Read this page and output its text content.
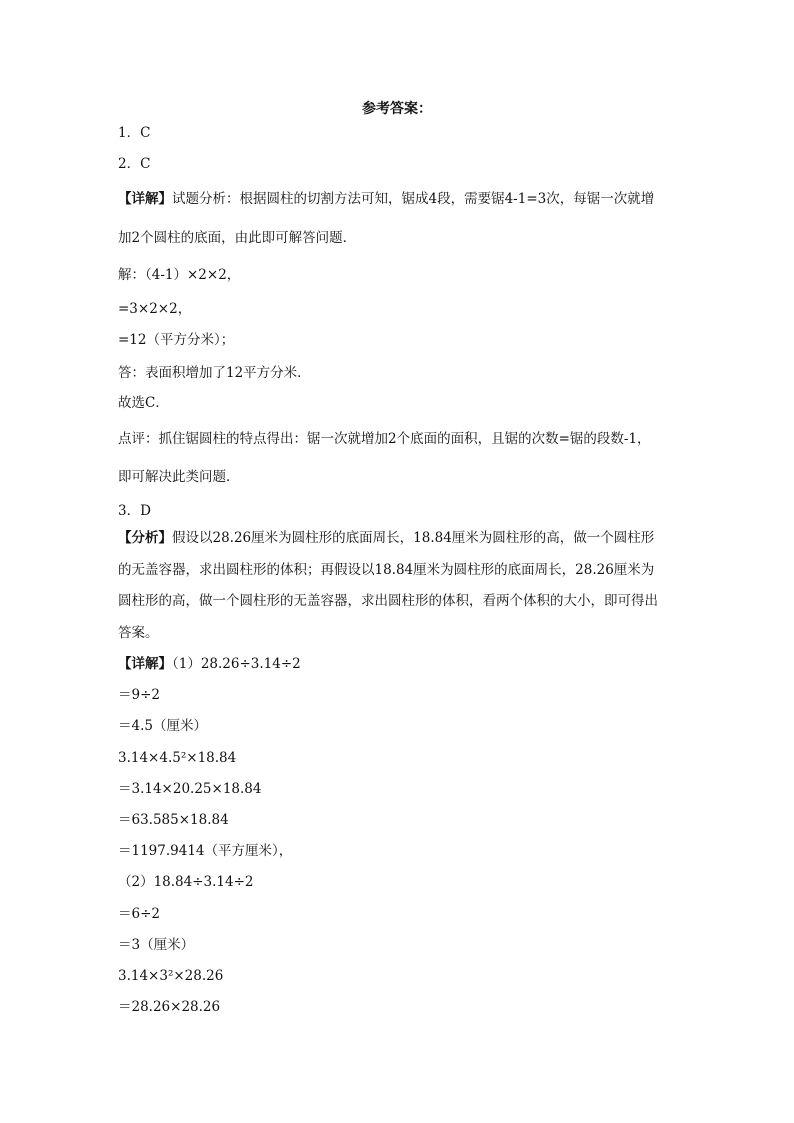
参考答案：
1．C
2．C
【详解】试题分析：根据圆柱的切割方法可知，锯成4段，需要锯4-1=3次，每锯一次就增
加2个圆柱的底面，由此即可解答问题．
解：（4-1）×2×2，
=3×2×2，
=12（平方分米）；
答：表面积增加了12平方分米．
故选C．
点评：抓住锯圆柱的特点得出：锯一次就增加2个底面的面积，且锯的次数=锯的段数-1，
即可解决此类问题．
3．D
【分析】假设以28.26厘米为圆柱形的底面周长，18.84厘米为圆柱形的高，做一个圆柱形
的无盖容器，求出圆柱形的体积；再假设以18.84厘米为圆柱形的底面周长，28.26厘米为
圆柱形的高，做一个圆柱形的无盖容器，求出圆柱形的体积，看两个体积的大小，即可得出
答案。
【详解】（1）28.26÷3.14÷2
＝9÷2
＝4.5（厘米）
3.14×4.5²×18.84
＝3.14×20.25×18.84
＝63.585×18.84
＝1197.9414（平方厘米），
（2）18.84÷3.14÷2
＝6÷2
＝3（厘米）
3.14×3²×28.26
＝28.26×28.26
